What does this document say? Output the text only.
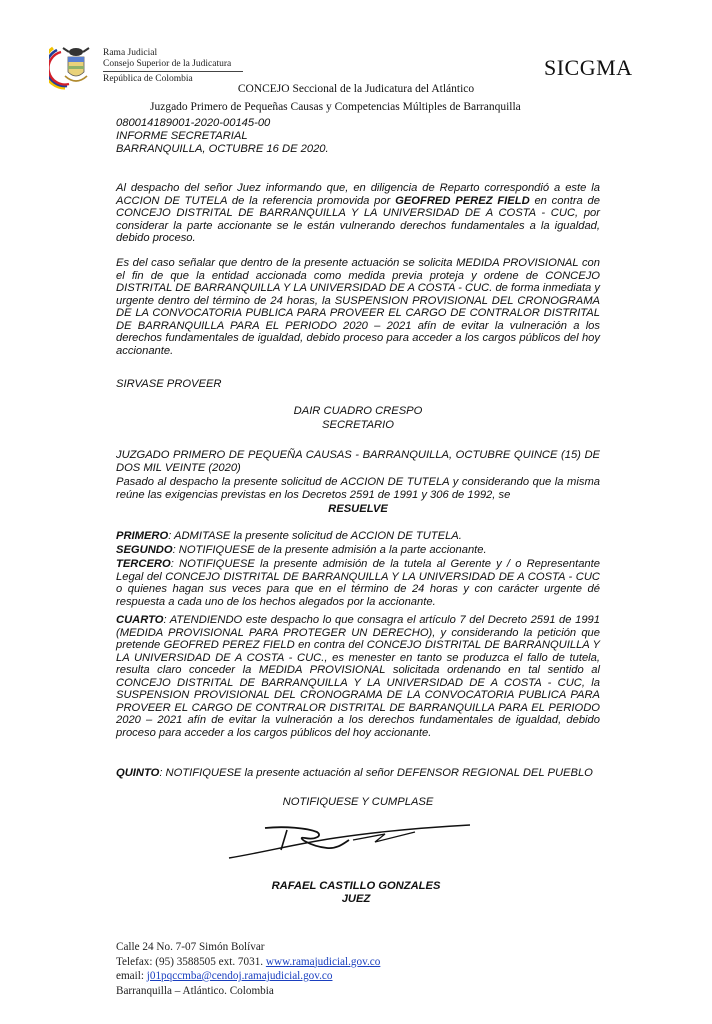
Rama Judicial
Consejo Superior de la Judicatura
República de Colombia	SICGMA
CONCEJO Seccional de la Judicatura del Atlántico
Juzgado Primero de Pequeñas Causas y Competencias Múltiples de Barranquilla
080014189001-2020-00145-00
INFORME SECRETARIAL
BARRANQUILLA, OCTUBRE 16 DE 2020.
Al despacho del señor Juez informando que, en diligencia de Reparto correspondió a este la ACCION DE TUTELA de la referencia promovida por GEOFRED PEREZ FIELD en contra de CONCEJO DISTRITAL DE BARRANQUILLA Y LA UNIVERSIDAD DE A COSTA - CUC, por considerar la parte accionante se le están vulnerando derechos fundamentales a la igualdad, debido proceso.
Es del caso señalar que dentro de la presente actuación se solicita MEDIDA PROVISIONAL con el fin de que la entidad accionada como medida previa proteja y ordene de CONCEJO DISTRITAL DE BARRANQUILLA Y LA UNIVERSIDAD DE A COSTA - CUC. de forma inmediata y urgente dentro del término de 24 horas, la SUSPENSION PROVISIONAL DEL CRONOGRAMA DE LA CONVOCATORIA PUBLICA PARA PROVEER EL CARGO DE CONTRALOR DISTRITAL DE BARRANQUILLA PARA EL PERIODO 2020 – 2021 afín de evitar la vulneración a los derechos fundamentales de igualdad, debido proceso para acceder a los cargos públicos del hoy accionante.
SIRVASE PROVEER
DAIR CUADRO CRESPO
SECRETARIO
JUZGADO PRIMERO DE PEQUEÑA CAUSAS - BARRANQUILLA, OCTUBRE QUINCE (15) DE DOS MIL VEINTE (2020)
Pasado al despacho la presente solicitud de ACCION DE TUTELA y considerando que la misma reúne las exigencias previstas en los Decretos 2591 de 1991 y 306 de 1992, se
RESUELVE
PRIMERO: ADMITASE la presente solicitud de ACCION DE TUTELA.
SEGUNDO: NOTIFIQUESE de la presente admisión a la parte accionante.
TERCERO: NOTIFIQUESE la presente admisión de la tutela al Gerente y / o Representante Legal del CONCEJO DISTRITAL DE BARRANQUILLA Y LA UNIVERSIDAD DE A COSTA - CUC o quienes hagan sus veces para que en el término de 24 horas y con carácter urgente dé respuesta a cada uno de los hechos alegados por la accionante.
CUARTO: ATENDIENDO este despacho lo que consagra el artículo 7 del Decreto 2591 de 1991 (MEDIDA PROVISIONAL PARA PROTEGER UN DERECHO), y considerando la petición que pretende GEOFRED PEREZ FIELD en contra del CONCEJO DISTRITAL DE BARRANQUILLA Y LA UNIVERSIDAD DE A COSTA - CUC., es menester en tanto se produzca el fallo de tutela, resulta claro conceder la MEDIDA PROVISIONAL solicitada ordenando en tal sentido al CONCEJO DISTRITAL DE BARRANQUILLA Y LA UNIVERSIDAD DE A COSTA - CUC, la SUSPENSION PROVISIONAL DEL CRONOGRAMA DE LA CONVOCATORIA PUBLICA PARA PROVEER EL CARGO DE CONTRALOR DISTRITAL DE BARRANQUILLA PARA EL PERIODO 2020 – 2021 afín de evitar la vulneración a los derechos fundamentales de igualdad, debido proceso para acceder a los cargos públicos del hoy accionante.
QUINTO: NOTIFIQUESE la presente actuación al señor DEFENSOR REGIONAL DEL PUEBLO
NOTIFIQUESE Y CUMPLASE
RAFAEL CASTILLO GONZALES
JUEZ
Calle 24 No. 7-07 Simón Bolívar
Telefax: (95) 3588505 ext. 7031. www.ramajudicial.gov.co
email: j01pqccmba@cendoj.ramajudicial.gov.co
Barranquilla – Atlántico. Colombia
